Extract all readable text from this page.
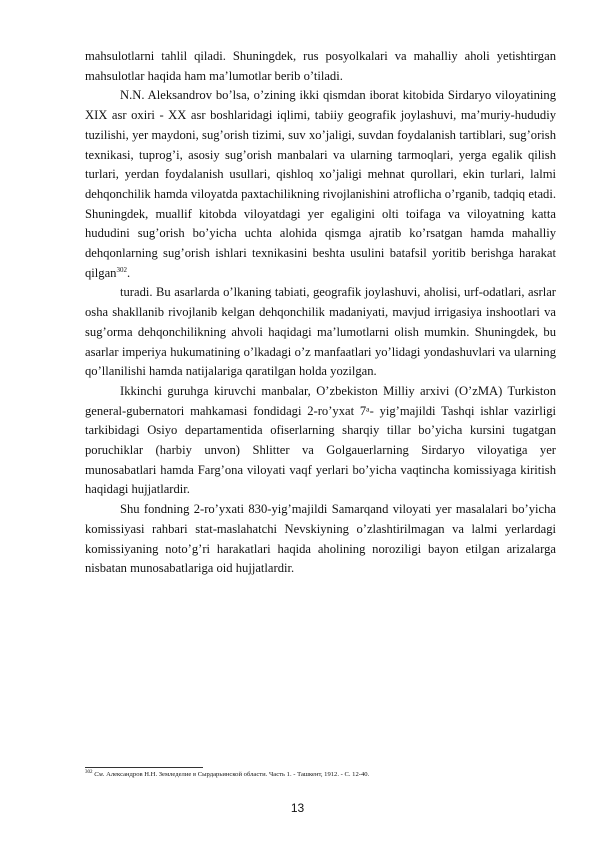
mahsulotlarni tahlil qiladi. Shuningdek, rus posyolkalari va mahalliy aholi yetishtirgan mahsulotlar haqida ham ma’lumotlar berib o’tiladi.

N.N. Aleksandrov bo’lsa, o’zining ikki qismdan iborat kitobida Sirdaryo viloyatining XIX asr oxiri - XX asr boshlaridagi iqlimi, tabiiy geografik joylashuvi, ma’muriy-hududiy tuzilishi, yer maydoni, sug’orish tizimi, suv xo’jaligi, suvdan foydalanish tartiblari, sug’orish texnikasi, tuprog’i, asosiy sug’orish manbalari va ularning tarmoqlari, yerga egalik qilish turlari, yerdan foydalanish usullari, qishloq xo’jaligi mehnat qurollari, ekin turlari, lalmi dehqonchilik hamda viloyatda paxtachilikning rivojlanishini atroflicha o’rganib, tadqiq etadi. Shuningdek, muallif kitobda viloyatdagi yer egaligini olti toifaga va viloyatning katta hududini sug’orish bo’yicha uchta alohida qismga ajratib ko’rsatgan hamda mahalliy dehqonlarning sug’orish ishlari texnikasini beshta usulini batafsil yoritib berishga harakat qilgan$^{302}$.

turadi. Bu asarlarda o’lkaning tabiati, geografik joylashuvi, aholisi, urf-odatlari, asrlar osha shakllanib rivojlanib kelgan dehqonchilik madaniyati, mavjud irrigasiya inshootlari va sug’orma dehqonchilikning ahvoli haqidagi ma’lumotlarni olish mumkin. Shuningdek, bu asarlar imperiya hukumatining o’lkadagi o’z manfaatlari yo’lidagi yondashuvlari va ularning qo’llanilishi hamda natijalariga qaratilgan holda yozilgan.

Ikkinchi guruhga kiruvchi manbalar, O’zbekiston Milliy arxivi (O’zMA) Turkiston general-gubernatori mahkamasi fondidagi 2-ro’yxat 7ᵃ- yig’majildi Tashqi ishlar vazirligi tarkibidagi Osiyo departamentida ofiserlarning sharqiy tillar bo’yicha kursini tugatgan poruchiklar (harbiy unvon) Shlitter va Golgauerlarning Sirdaryo viloyatiga yer munosabatlari hamda Farg’ona viloyati vaqf yerlari bo’yicha vaqtincha komissiyaga kiritish haqidagi hujjatlardir.

Shu fondning 2-ro’yxati 830-yig’majildi Samarqand viloyati yer masalalari bo’yicha komissiyasi rahbari stat-maslahatchi Nevskiyning o’zlashtirilmagan va lalmi yerlardagi komissiyaning noto’g’ri harakatlari haqida aholining noroziligi bayon etilgan arizalarga nisbatan munosabatlariga oid hujjatlardir.

$^{302}$ См. Александров Н.Н. Земледелие в Сырдарьинской области. Часть 1. - Ташкент, 1912. - С. 12-40.
13
